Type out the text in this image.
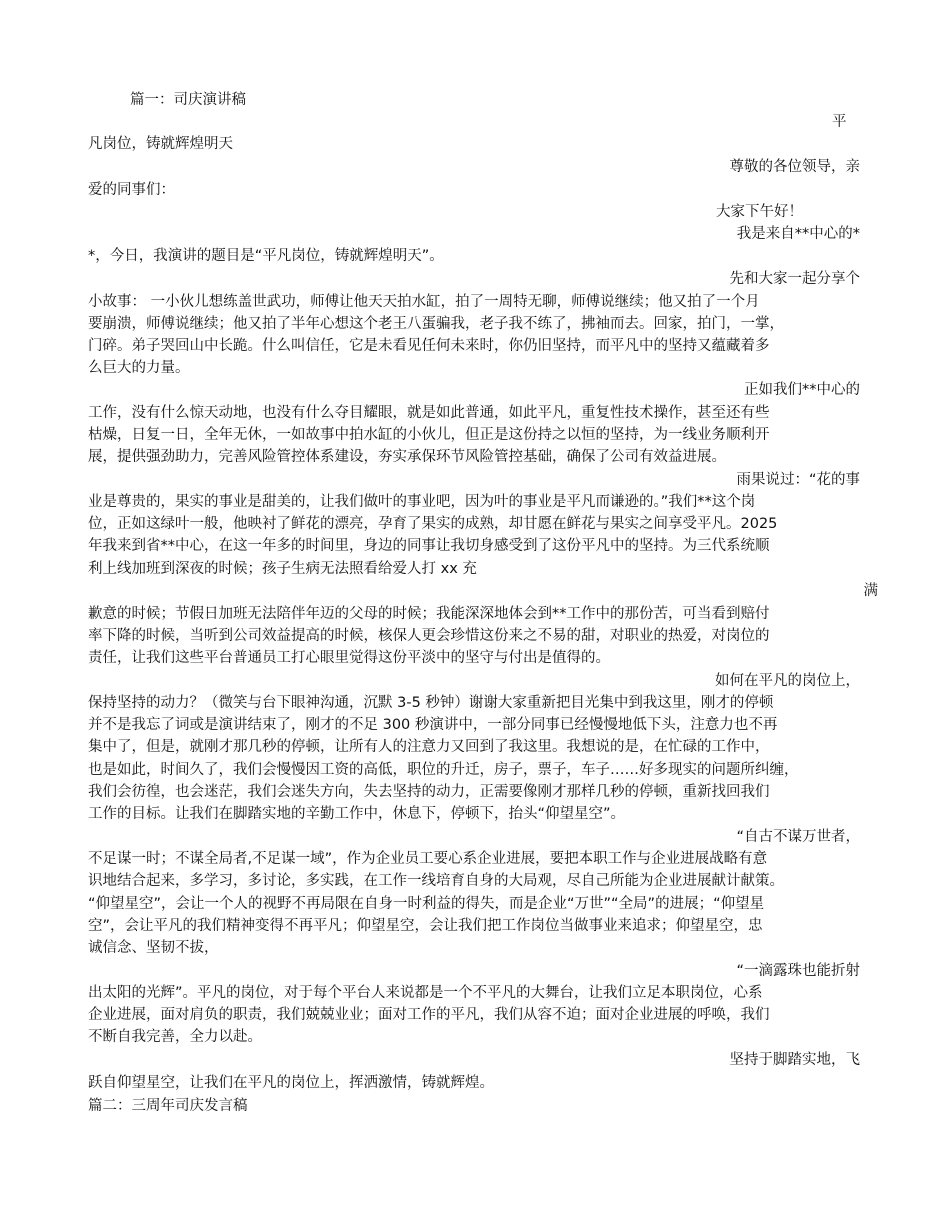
篇一：司庆演讲稿
平
凡岗位，铸就辉煌明天
尊敬的各位领导，亲
爱的同事们：
大家下午好！
我是来自**中心的*
*，今日，我演讲的题目是“平凡岗位，铸就辉煌明天”。
先和大家一起分享个
小故事： 一小伙儿想练盖世武功，师傅让他天天拍水缸，拍了一周特无聊，师傅说继续；他又拍了一个月
要崩溃，师傅说继续；他又拍了半年心想这个老王八蛋骗我，老子我不练了，拂袖而去。回家，拍门，一掌，
门碎。弟子哭回山中长跪。什么叫信任，它是未看见任何未来时，你仍旧坚持，而平凡中的坚持又蕴藏着多
么巨大的力量。
正如我们**中心的
工作，没有什么惊天动地，也没有什么夺目耀眼，就是如此普通，如此平凡，重复性技术操作，甚至还有些
枯燥，日复一日，全年无休，一如故事中拍水缸的小伙儿，但正是这份持之以恒的坚持，为一线业务顺利开
展，提供强劲助力，完善风险管控体系建设，夯实承保环节风险管控基础，确保了公司有效益进展。
雨果说过：“花的事
业是尊贵的，果实的事业是甜美的，让我们做叶的事业吧，因为叶的事业是平凡而谦逊的。”我们**这个岗
位，正如这绿叶一般，他映衬了鲜花的漂亮，孕育了果实的成熟，却甘愿在鲜花与果实之间享受平凡。2025
年我来到省**中心，在这一年多的时间里，身边的同事让我切身感受到了这份平凡中的坚持。为三代系统顺
利上线加班到深夜的时候；孩子生病无法照看给爱人打 xx 充
满
歉意的时候；节假日加班无法陪伴年迈的父母的时候；我能深深地体会到**工作中的那份苦，可当看到赔付
率下降的时候，当听到公司效益提高的时候，核保人更会珍惜这份来之不易的甜，对职业的热爱，对岗位的
责任，让我们这些平台普通员工打心眼里觉得这份平淡中的坚守与付出是值得的。
如何在平凡的岗位上，
保持坚持的动力？（微笑与台下眼神沟通，沉默 3-5 秒钟）谢谢大家重新把目光集中到我这里，刚才的停顿
并不是我忘了词或是演讲结束了，刚才的不足 300 秒演讲中，一部分同事已经慢慢地低下头，注意力也不再
集中了，但是，就刚才那几秒的停顿，让所有人的注意力又回到了我这里。我想说的是，在忙碌的工作中，
也是如此，时间久了，我们会慢慢因工资的高低，职位的升迁，房子，票子，车子……好多现实的问题所纠缠，
我们会彷徨，也会迷茫，我们会迷失方向，失去坚持的动力，正需要像刚才那样几秒的停顿，重新找回我们
工作的目标。让我们在脚踏实地的辛勤工作中，休息下，停顿下，抬头“仰望星空”。
“自古不谋万世者，
不足谋一时；不谋全局者,不足谋一域”，作为企业员工要心系企业进展，要把本职工作与企业进展战略有意
识地结合起来，多学习，多讨论，多实践，在工作一线培育自身的大局观，尽自己所能为企业进展献计献策。
“仰望星空”，会让一个人的视野不再局限在自身一时利益的得失，而是企业“万世”“全局”的进展；“仰望星
空”，会让平凡的我们精神变得不再平凡；仰望星空，会让我们把工作岗位当做事业来追求；仰望星空，忠
诚信念、坚韧不拔，
“一滴露珠也能折射
出太阳的光辉”。平凡的岗位，对于每个平台人来说都是一个不平凡的大舞台，让我们立足本职岗位，心系
企业进展，面对肩负的职责，我们兢兢业业；面对工作的平凡，我们从容不迫；面对企业进展的呼唤，我们
不断自我完善，全力以赴。
坚持于脚踏实地，飞
跃自仰望星空，让我们在平凡的岗位上，挥洒激情，铸就辉煌。
篇二：三周年司庆发言稿
